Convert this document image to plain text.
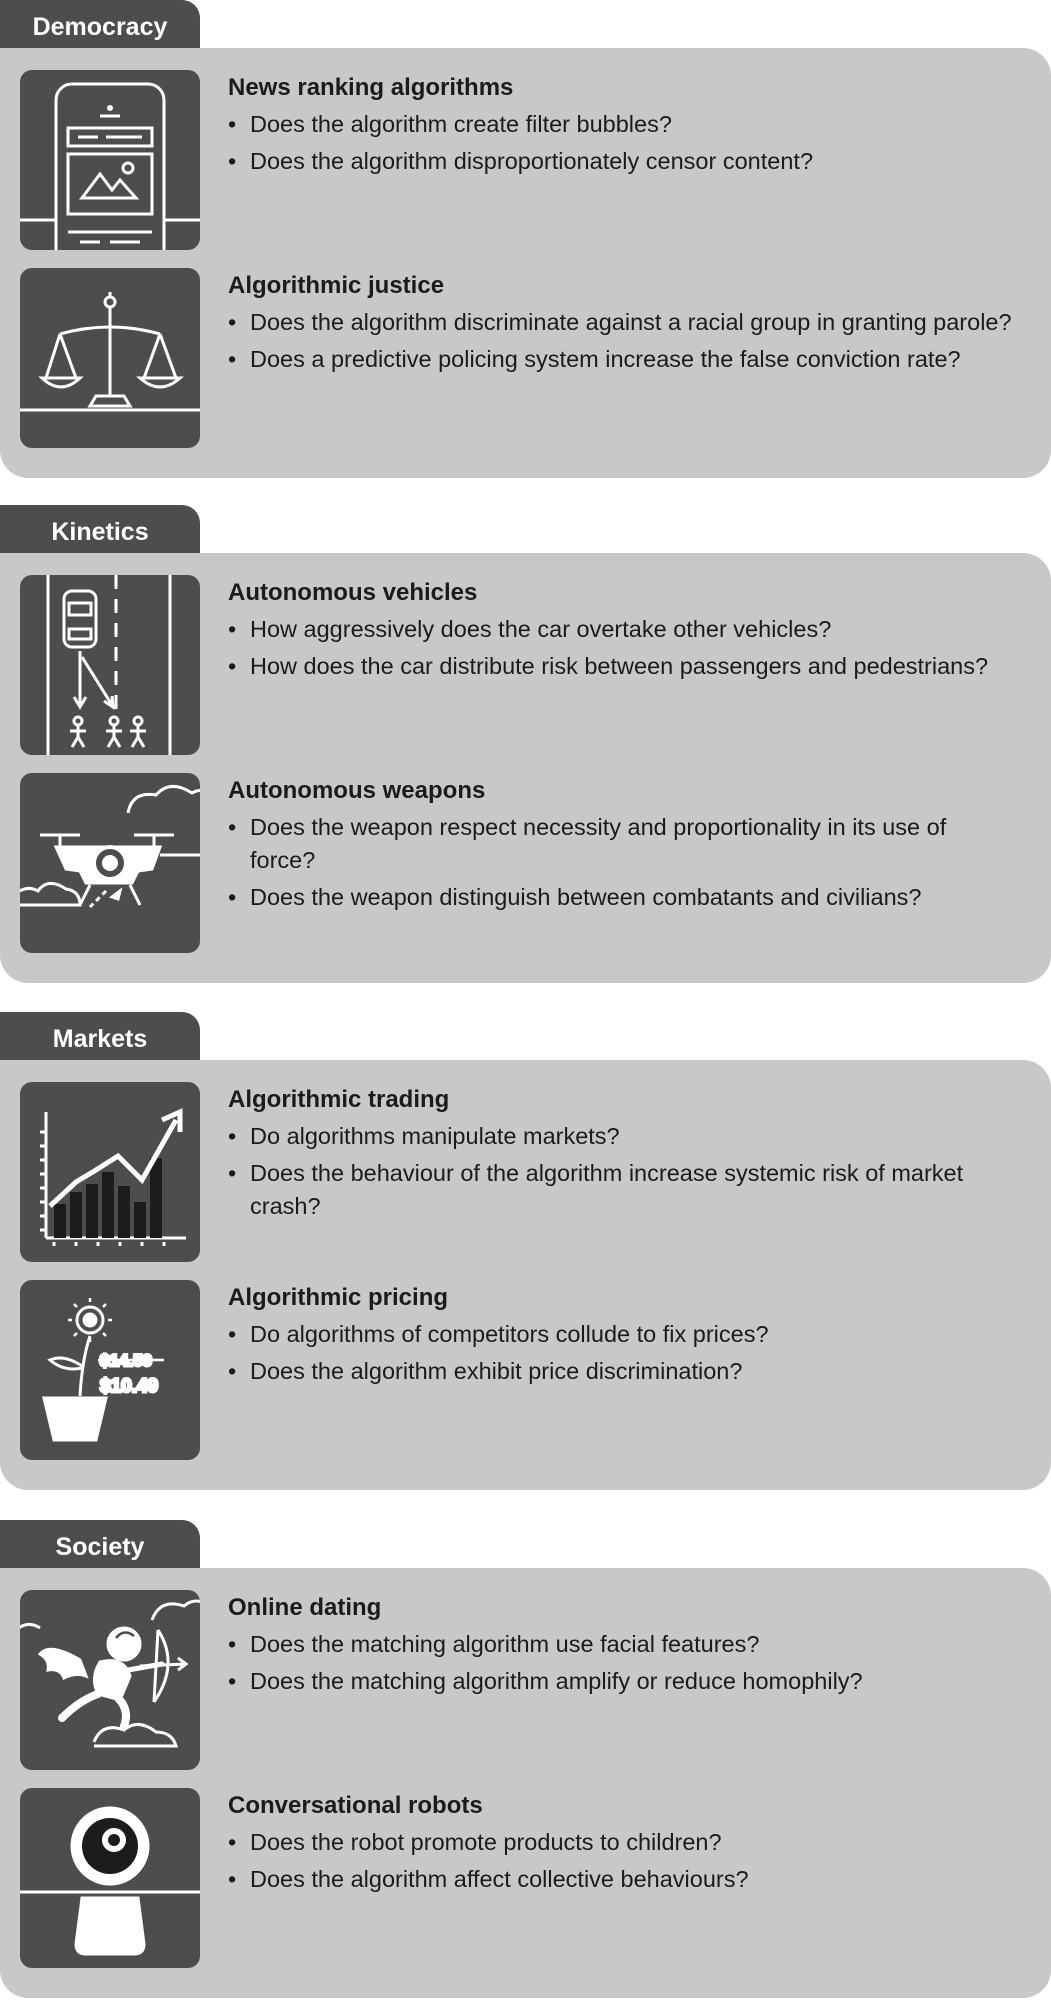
Democracy
News ranking algorithms
• Does the algorithm create filter bubbles?
• Does the algorithm disproportionately censor content?
Algorithmic justice
• Does the algorithm discriminate against a racial group in granting parole?
• Does a predictive policing system increase the false conviction rate?
Kinetics
Autonomous vehicles
• How aggressively does the car overtake other vehicles?
• How does the car distribute risk between passengers and pedestrians?
Autonomous weapons
• Does the weapon respect necessity and proportionality in its use of force?
• Does the weapon distinguish between combatants and civilians?
Markets
Algorithmic trading
• Do algorithms manipulate markets?
• Does the behaviour of the algorithm increase systemic risk of market crash?
$14.59
$10.49
Algorithmic pricing
• Do algorithms of competitors collude to fix prices?
• Does the algorithm exhibit price discrimination?
Society
Online dating
• Does the matching algorithm use facial features?
• Does the matching algorithm amplify or reduce homophily?
Conversational robots
• Does the robot promote products to children?
• Does the algorithm affect collective behaviours?
